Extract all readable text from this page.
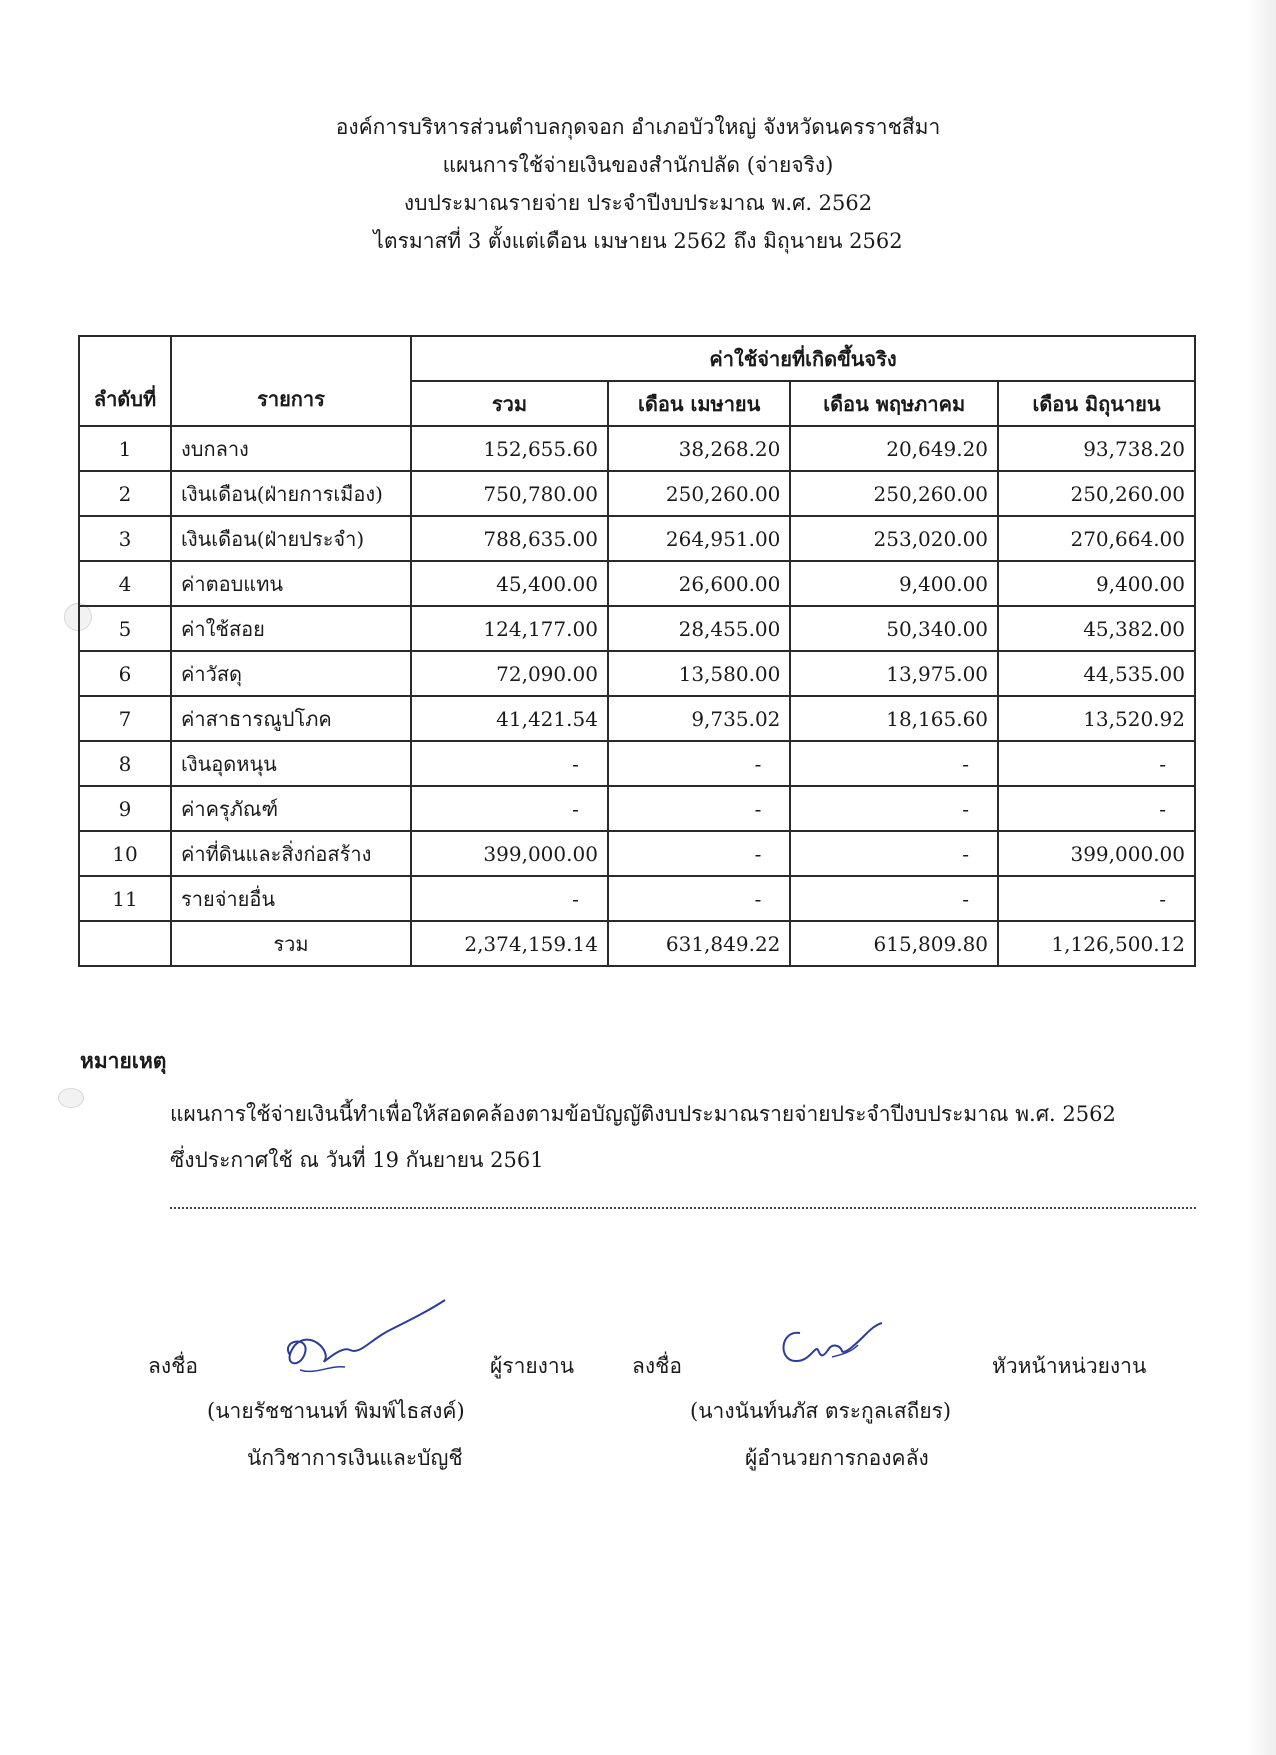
องค์การบริหารส่วนตำบลกุดจอก อำเภอบัวใหญ่ จังหวัดนครราชสีมา
แผนการใช้จ่ายเงินของสำนักปลัด (จ่ายจริง)
งบประมาณรายจ่าย ประจำปีงบประมาณ พ.ศ. 2562
ไตรมาสที่ 3 ตั้งแต่เดือน เมษายน 2562 ถึง มิถุนายน 2562
ลำดับที่	รายการ	ค่าใช้จ่ายที่เกิดขึ้นจริง			
		รวม	เดือน เมษายน	เดือน พฤษภาคม	เดือน มิถุนายน
1	งบกลาง	152,655.60	38,268.20	20,649.20	93,738.20
2	เงินเดือน(ฝ่ายการเมือง)	750,780.00	250,260.00	250,260.00	250,260.00
3	เงินเดือน(ฝ่ายประจำ)	788,635.00	264,951.00	253,020.00	270,664.00
4	ค่าตอบแทน	45,400.00	26,600.00	9,400.00	9,400.00
5	ค่าใช้สอย	124,177.00	28,455.00	50,340.00	45,382.00
6	ค่าวัสดุ	72,090.00	13,580.00	13,975.00	44,535.00
7	ค่าสาธารณูปโภค	41,421.54	9,735.02	18,165.60	13,520.92
8	เงินอุดหนุน	-	-	-	-
9	ค่าครุภัณฑ์	-	-	-	-
10	ค่าที่ดินและสิ่งก่อสร้าง	399,000.00	-	-	399,000.00
11	รายจ่ายอื่น	-	-	-	-
	รวม	2,374,159.14	631,849.22	615,809.80	1,126,500.12
หมายเหตุ
แผนการใช้จ่ายเงินนี้ทำเพื่อให้สอดคล้องตามข้อบัญญัติงบประมาณรายจ่ายประจำปีงบประมาณ พ.ศ. 2562
ซึ่งประกาศใช้ ณ วันที่ 19 กันยายน 2561
ลงชื่อ	ผู้รายงาน
(นายรัชชานนท์ พิมพ์ไธสงค์)
นักวิชาการเงินและบัญชี
ลงชื่อ	หัวหน้าหน่วยงาน
(นางนันท์นภัส ตระกูลเสถียร)
ผู้อำนวยการกองคลัง
